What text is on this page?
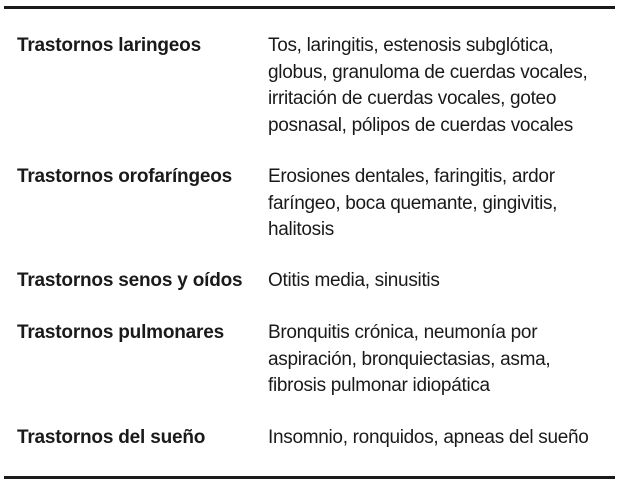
Trastornos laringeos	Tos, laringitis, estenosis subglótica,
globus, granuloma de cuerdas vocales,
irritación de cuerdas vocales, goteo
posnasal, pólipos de cuerdas vocales
Trastornos orofaríngeos	Erosiones dentales, faringitis, ardor
faríngeo, boca quemante, gingivitis,
halitosis
Trastornos senos y oídos	Otitis media, sinusitis
Trastornos pulmonares	Bronquitis crónica, neumonía por
aspiración, bronquiectasias, asma,
fibrosis pulmonar idiopática
Trastornos del sueño	Insomnio, ronquidos, apneas del sueño
